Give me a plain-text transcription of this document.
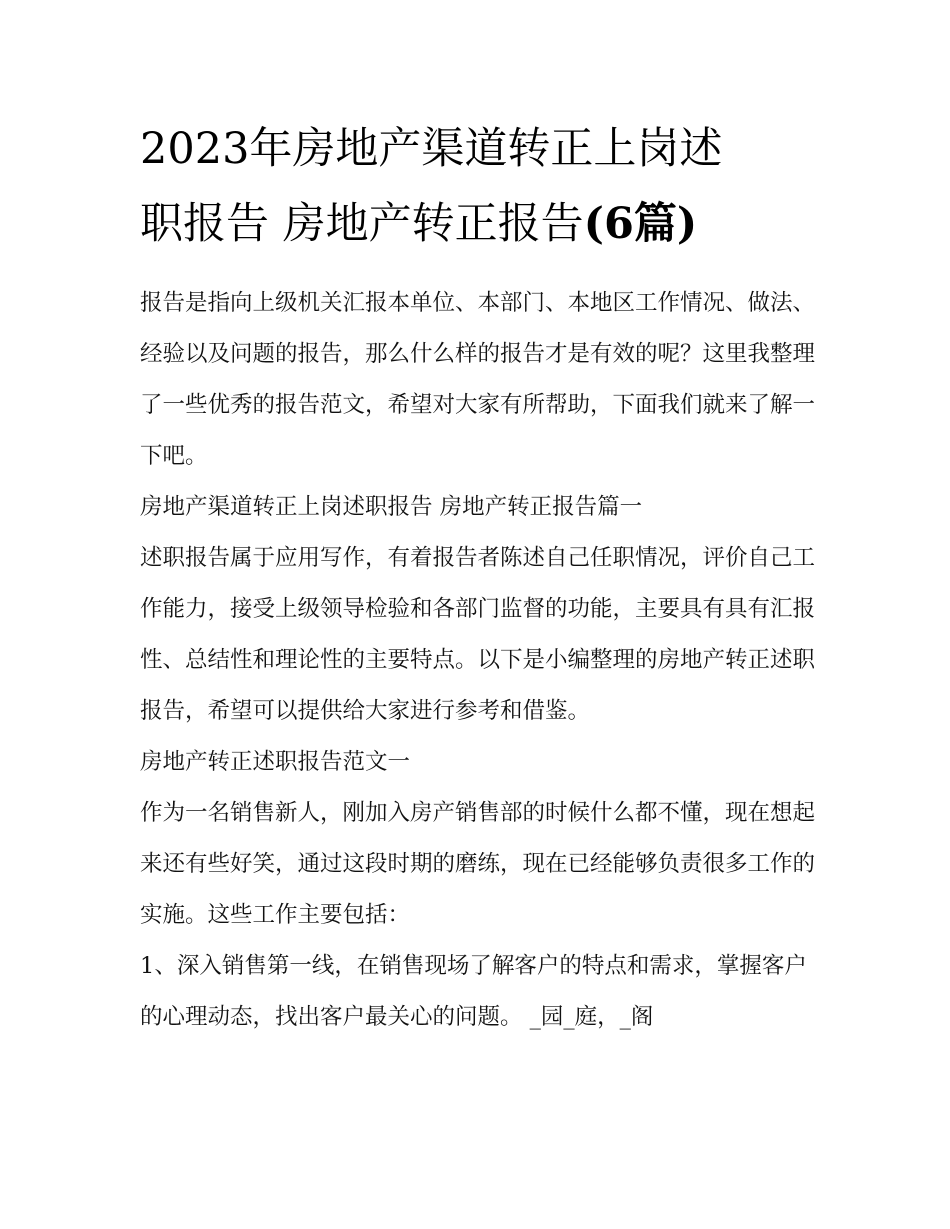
2023年房地产渠道转正上岗述
职报告 房地产转正报告(6篇)

报告是指向上级机关汇报本单位、本部门、本地区工作情况、做法、经验以及问题的报告，那么什么样的报告才是有效的呢？这里我整理了一些优秀的报告范文，希望对大家有所帮助，下面我们就来了解一下吧。

房地产渠道转正上岗述职报告 房地产转正报告篇一

述职报告属于应用写作，有着报告者陈述自己任职情况，评价自己工作能力，接受上级领导检验和各部门监督的功能，主要具有具有汇报性、总结性和理论性的主要特点。以下是小编整理的房地产转正述职报告，希望可以提供给大家进行参考和借鉴。

房地产转正述职报告范文一

作为一名销售新人，刚加入房产销售部的时候什么都不懂，现在想起来还有些好笑，通过这段时期的磨练，现在已经能够负责很多工作的实施。这些工作主要包括：

1、深入销售第一线，在销售现场了解客户的特点和需求，掌握客户的心理动态，找出客户最关心的问题。 _园_庭，_阁
